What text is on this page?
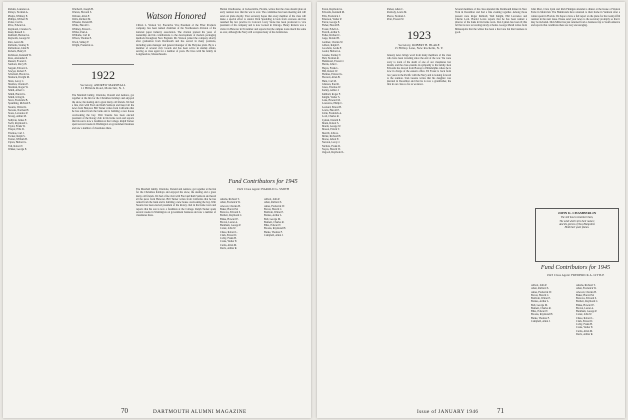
Perkins, Laurence A.
Petteys, Norman A.
Phelps, Whitney E.
Phillips, Wilbert H.
Potter, Carl K.
Price, Edward A.
Raymond, Clarence S.
Reed, Russell C.
Redfield, Bernard A.
Reynolds, George W.
Rice, Aaron M.
Richards, Stanley E.
Richardson, John H.
Roberts, Henry P.
Robinson, Kenneth W.
Ross, Alexander P.
Russell, Everett J.
Sanborn, Percy H.
Sargent, Edward L.
Sawyer, Robert F.
Schofield, Harold A.
Shattuck, Dwight M.
Shaw, Leroy C.
Sheldon, Charles E.
Sherman, Roger W.
Smith, Albert C.
Smith, Harold G.
Smith, Irving R.
Snow, Frederick B.
Spaulding, Richard E.
Stearns, Walter K.
Stevens, Norman H.
Stone, Lawrence P.
Strong, Arthur M.
Sullivan, James F.
Swift, Raymond L.
Taylor, Frank W.
Thayer, Ellis D.
Thomas, Carl J.
Tucker, Ralph S.
Turner, William B.
Upton, Herbert G.
Vail, Robert T.
Walker, George E.
Wardwell, Joseph H.
Warren, Howard S.
Webster, Allen F.
Wells, Richard M.
Wheeler, Donald B.
White, Harold C.
Whitney, Ernest L.
Wilder, Paul A.
Williams, Carl R.
Wilson, Thomas E.
Wood, Sidney F.
Wright, Frederick A.
Watson Honored
Clifton L. Watson '22, Executive Vice President of the Fiber Products company, has been named chairman of the Northeastern division of the national paper industry association. The citation praised his years of leadership and his contributions to the development of modern packaging methods throughout New England. Mr. Watson joined the company shortly after graduation from Dartmouth and has served in many positions, including sales manager and general manager of the Holyoke plant. He is a member of several civic boards and has been active in alumni affairs, serving as class agent for a number of years. He lives with his family in Longmeadow, Massachusetts.
1922
Secretary, ANDREW MARSHALL
11 Hillside Road, Montclair, N. J.
The Marshall family, Charlotte, Donald and Andrew, got together at the Inn for the Christmas holidays and enjoyed the snow, the skating and a great many old friends. We had a fine visit with Fred and Ruth Sanborn and heard all the news from Hanover. Bill Turner writes from California that he has retired from the bank and is building a new house overlooking the bay. Walt Stearns has been elected president of the Rotary club in his home town and reports that his son is now a freshman at the College. Ralph Tucker spent several weeks in Washington on government business and saw a number of classmates there.
The Marshall family, Charlotte, Donald and Andrew, got together at the Inn for the Christmas holidays and enjoyed the snow, the skating and a great many old friends. We had a fine visit with Fred and Ruth Sanborn and heard all the news from Hanover. Bill Turner writes from California that he has retired from the bank and is building a new house overlooking the bay. Walt Stearns has been elected president of the Rotary club in his home town and reports that his son is now a freshman at the College. Ralph Tucker spent several weeks in Washington on government business and saw a number of classmates there.
Harlan Chadbourne, of Jacksonville, Florida, writes that the class should plan an early reunion now that the war is over. The committee has been meeting and will send out plans shortly. Your secretary hopes that every member of the class will make a special effort to attend. Dick Spaulding is back from overseas and has resumed his law practice in Concord. Larry Stone has been promoted to vice president of his company and is now located in Chicago. Henry Roberts was a visitor in Hanover in November and reports that the campus looks much the same as ever, although the Navy still occupies many of the dormitories.
Fund Contributors for 1945
1922 Class Agent: HAROLD G. SMITH
Adams, Richard T.
Allen, Frederick W.
Atwood, Charles B.
Baker, Harold M.
Barrows, Edward S.
Bartlett, Raymond C.
Blake, Howard E.
Brown, Lester A.
Burnham, George P.
Carter, John W.
Chase, Robert L.
Clark, Ernest D.
Colby, Frank H.
Crane, Walter E.
Curtis, Allan M.
Davis, Arthur R.
Abbott, John P.
Allen, Richard S.
Ames, Frederick W.
Bacon, Harold C.
Baldwin, Walter E.
Barnes, Arthur L.
Bell, George M.
Bennett, Charles R.
Bliss, Edward T.
Brooks, Raymond H.
Burke, Thomas F.
Campbell, Allen J.
70	DARTMOUTH ALUMNI MAGAZINE
Eaton, Raymond A.
Edwards, Kenneth M.
Ellis, Frederick J.
Emerson, Walter P.
Farrar, George E.
Fisher, Harold B.
Foster, Edwin L.
French, Arthur S.
Fuller, Richard C.
Gage, Donald H.
Gardner, Charles W.
Gilbert, Ralph E.
Goodwin, Leslie F.
Gould, Herbert A.
Greene, Stanley T.
Hall, Norman R.
Hammond, Everett J.
Harris, John C.
Hayes, Frank L.
Hill, Robert W.
Holmes, Edward G.
Howard, Allen B.
Hunt, Carl M.
Johnson, Paul R.
Jones, Thomas W.
Kelley, Arthur J.
Kimball, Roger F.
Knight, Walter S.
Lane, Howard M.
Lawrence, Philip C.
Leonard, Ernest B.
Lewis, Harold E.
Little, Frederick A.
Lord, Charles R.
Lyman, Donald P.
Mann, Robert S.
Marsh, George W.
Mason, Edwin T.
Merrill, John A.
Miller, Richard H.
Morse, Albert E.
Newton, Leroy J.
Nichols, Frank D.
Noyes, Harold W.
Osgood, Raymond L.
Parker, Allen C.
Peabody, Lewis M.
Pierce, Norman J.
Pratt, Everett W.
1923
Secretary, ROBERT H. BLAKE
15 Hilltop Lane, New Rochelle, N. Y.
January news brings word from many members of the class who have been traveling since the end of the war. We were sorry to learn of the death of one of our classmates last month, and the class extends its sympathy to his family. Ken Edwards has moved from Boston to Philadelphia where he is now in charge of the eastern office. Ed Foster is back from two years in the Pacific with the Navy and is looking forward to the reunion. Stan Greene writes that his daughter was married in December and that he is now a grandfather, the first in our class so far as we know.
Several members of the class attended the Dartmouth dinner in New York in December and had a fine evening together. Among those present were Roger Kimball, Walt Knight, Phil Lawrence and Charlie Lord. Harold Lewis reports that he has been named a director of the bank in his home town. Don Lyman has been ill this fall but is now recovering nicely at home. George Marsh writes from Minneapolis that the winter has been a hard one but that business is good.
John Marr, Clara Lynn and Irish Finnigan attended a dinner at the house of Warren Earle in Montclair. The Hammonds have returned to their home in Vermont after a winter spent in Florida. We hope to have a full report on the plans for the twenty-fifth reunion in the next issue. Please send your news to the secretary promptly so that it may be included. Dick Miller has just returned from a business trip to South America and reports that conditions there are very encouraging.
JOHN K. CHAMBERLIN
The still hours remember them,
The wind which stirs their names;
And the glories of New Hampshire
Hold their quiet flames.
Fund Contributors for 1945
1923 Class Agent: FREDERICK A. LITTLE
Abbott, John P.
Allen, Richard S.
Ames, Frederick W.
Bacon, Harold C.
Baldwin, Walter E.
Barnes, Arthur L.
Bell, George M.
Bennett, Charles R.
Bliss, Edward T.
Brooks, Raymond H.
Burke, Thomas F.
Campbell, Allen J.
Adams, Richard T.
Allen, Frederick W.
Atwood, Charles B.
Baker, Harold M.
Barrows, Edward S.
Bartlett, Raymond C.
Blake, Howard E.
Brown, Lester A.
Burnham, George P.
Carter, John W.
Chase, Robert L.
Clark, Ernest D.
Colby, Frank H.
Crane, Walter E.
Curtis, Allan M.
Davis, Arthur R.
71
Issue of JANUARY 1946
